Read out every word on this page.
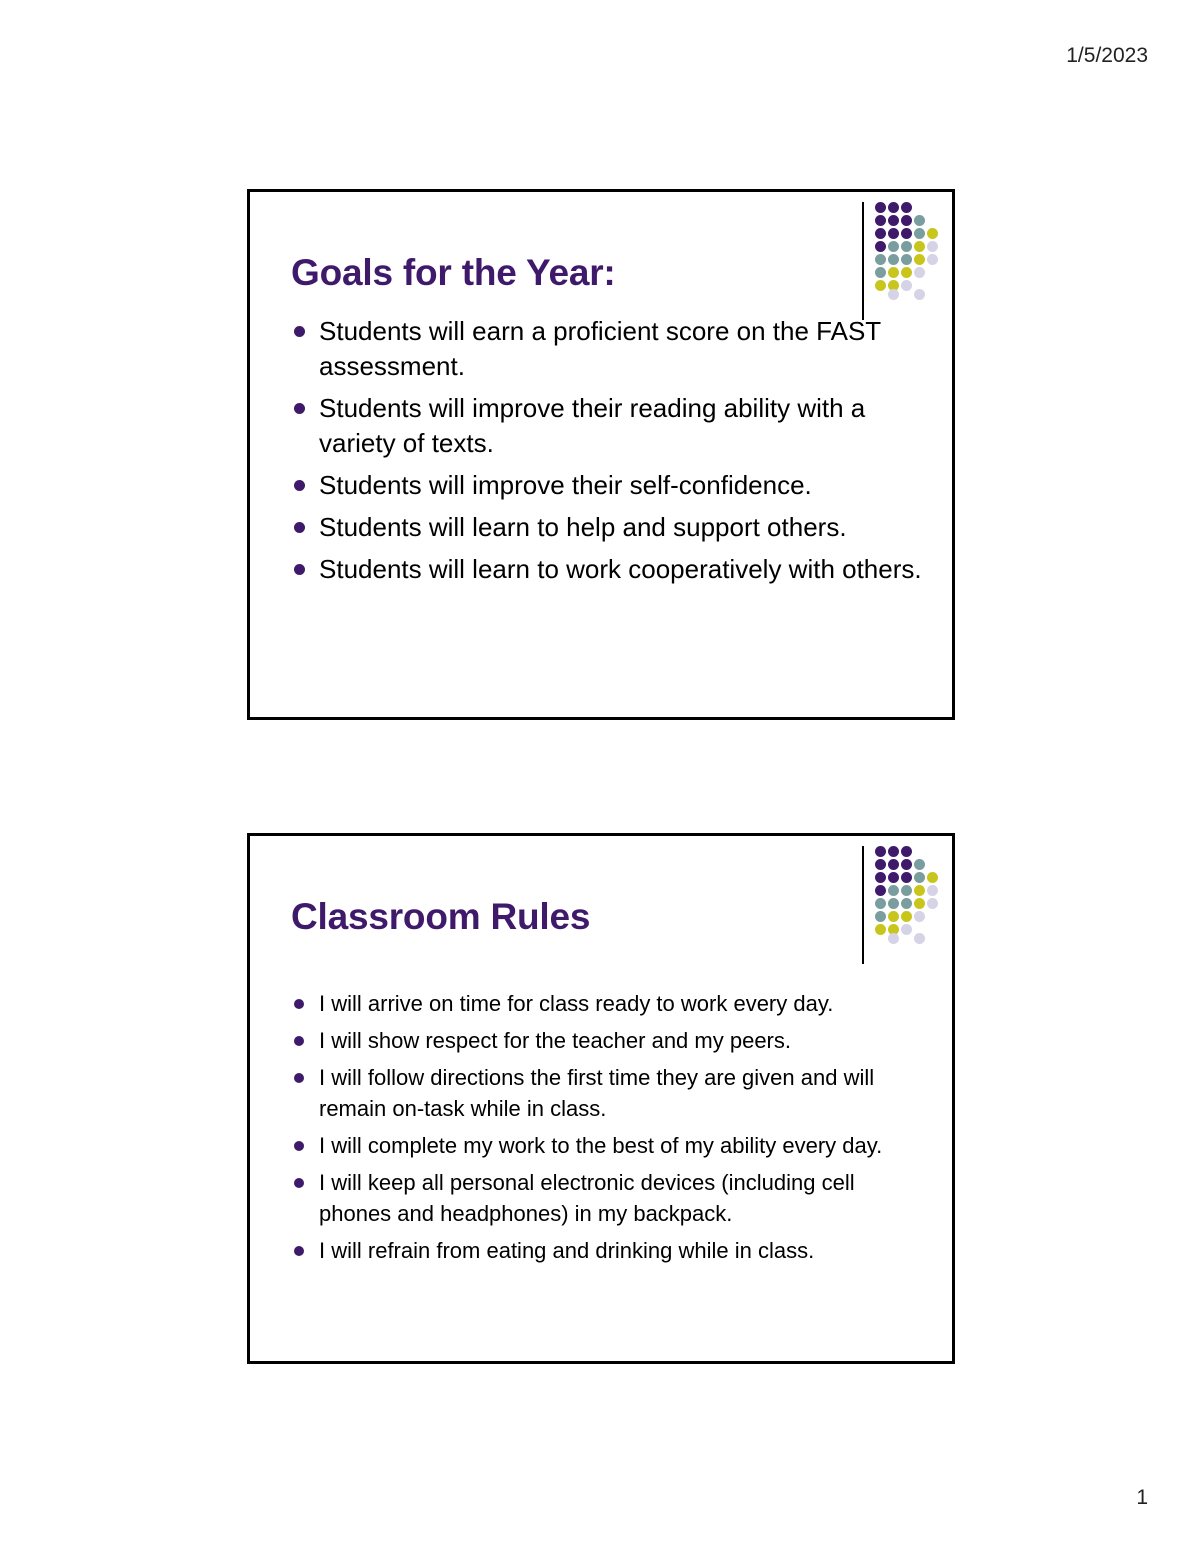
1/5/2023
Goals for the Year:
Students will earn a proficient score on the FAST assessment.
Students will improve their reading ability with a variety of texts.
Students will improve their self-confidence.
Students will learn to help and support others.
Students will learn to work cooperatively with others.
Classroom Rules
I will arrive on time for class ready to work every day.
I will show respect for the teacher and my peers.
I will follow directions the first time they are given and will remain on-task while in class.
I will complete my work to the best of my ability every day.
I will keep all personal electronic devices (including cell phones and headphones) in my backpack.
I will refrain from eating and drinking while in class.
1
